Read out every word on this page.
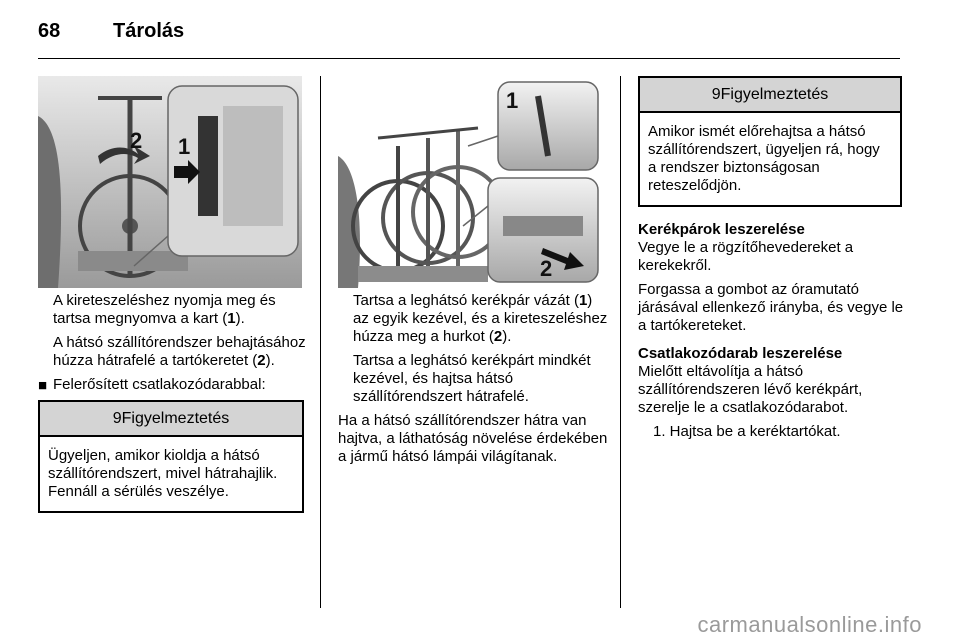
68	Tárolás
1
2

A kireteszeléshez nyomja meg és tartsa megnyomva a kart (1).

A hátsó szállítórendszer behajtásához húzza hátrafelé a tartókeretet (2).

■ Felerősített csatlakozódarabbal:

9Figyelmeztetés
Ügyeljen, amikor kioldja a hátsó szállítórendszert, mivel hátrahajlik. Fennáll a sérülés veszélye.
1
2

Tartsa a leghátsó kerékpár vázát (1) az egyik kezével, és a kireteszeléshez húzza meg a hurkot (2).

Tartsa a leghátsó kerékpárt mindkét kezével, és hajtsa hátsó szállítórendszert hátrafelé.

Ha a hátsó szállítórendszer hátra van hajtva, a láthatóság növelése érdekében a jármű hátsó lámpái világítanak.

9Figyelmeztetés
Amikor ismét előrehajtsa a hátsó szállítórendszert, ügyeljen rá, hogy a rendszer biztonságosan reteszelődjön.
Kerékpárok leszerelése

Vegye le a rögzítőhevedereket a kerekekről.

Forgassa a gombot az óramutató járásával ellenkező irányba, és vegye le a tartókereteket.

Csatlakozódarab leszerelése

Mielőtt eltávolítja a hátsó szállítórendszeren lévő kerékpárt, szerelje le a csatlakozódarabot.

1. Hajtsa be a keréktartókat.

carmanualsonline.info
